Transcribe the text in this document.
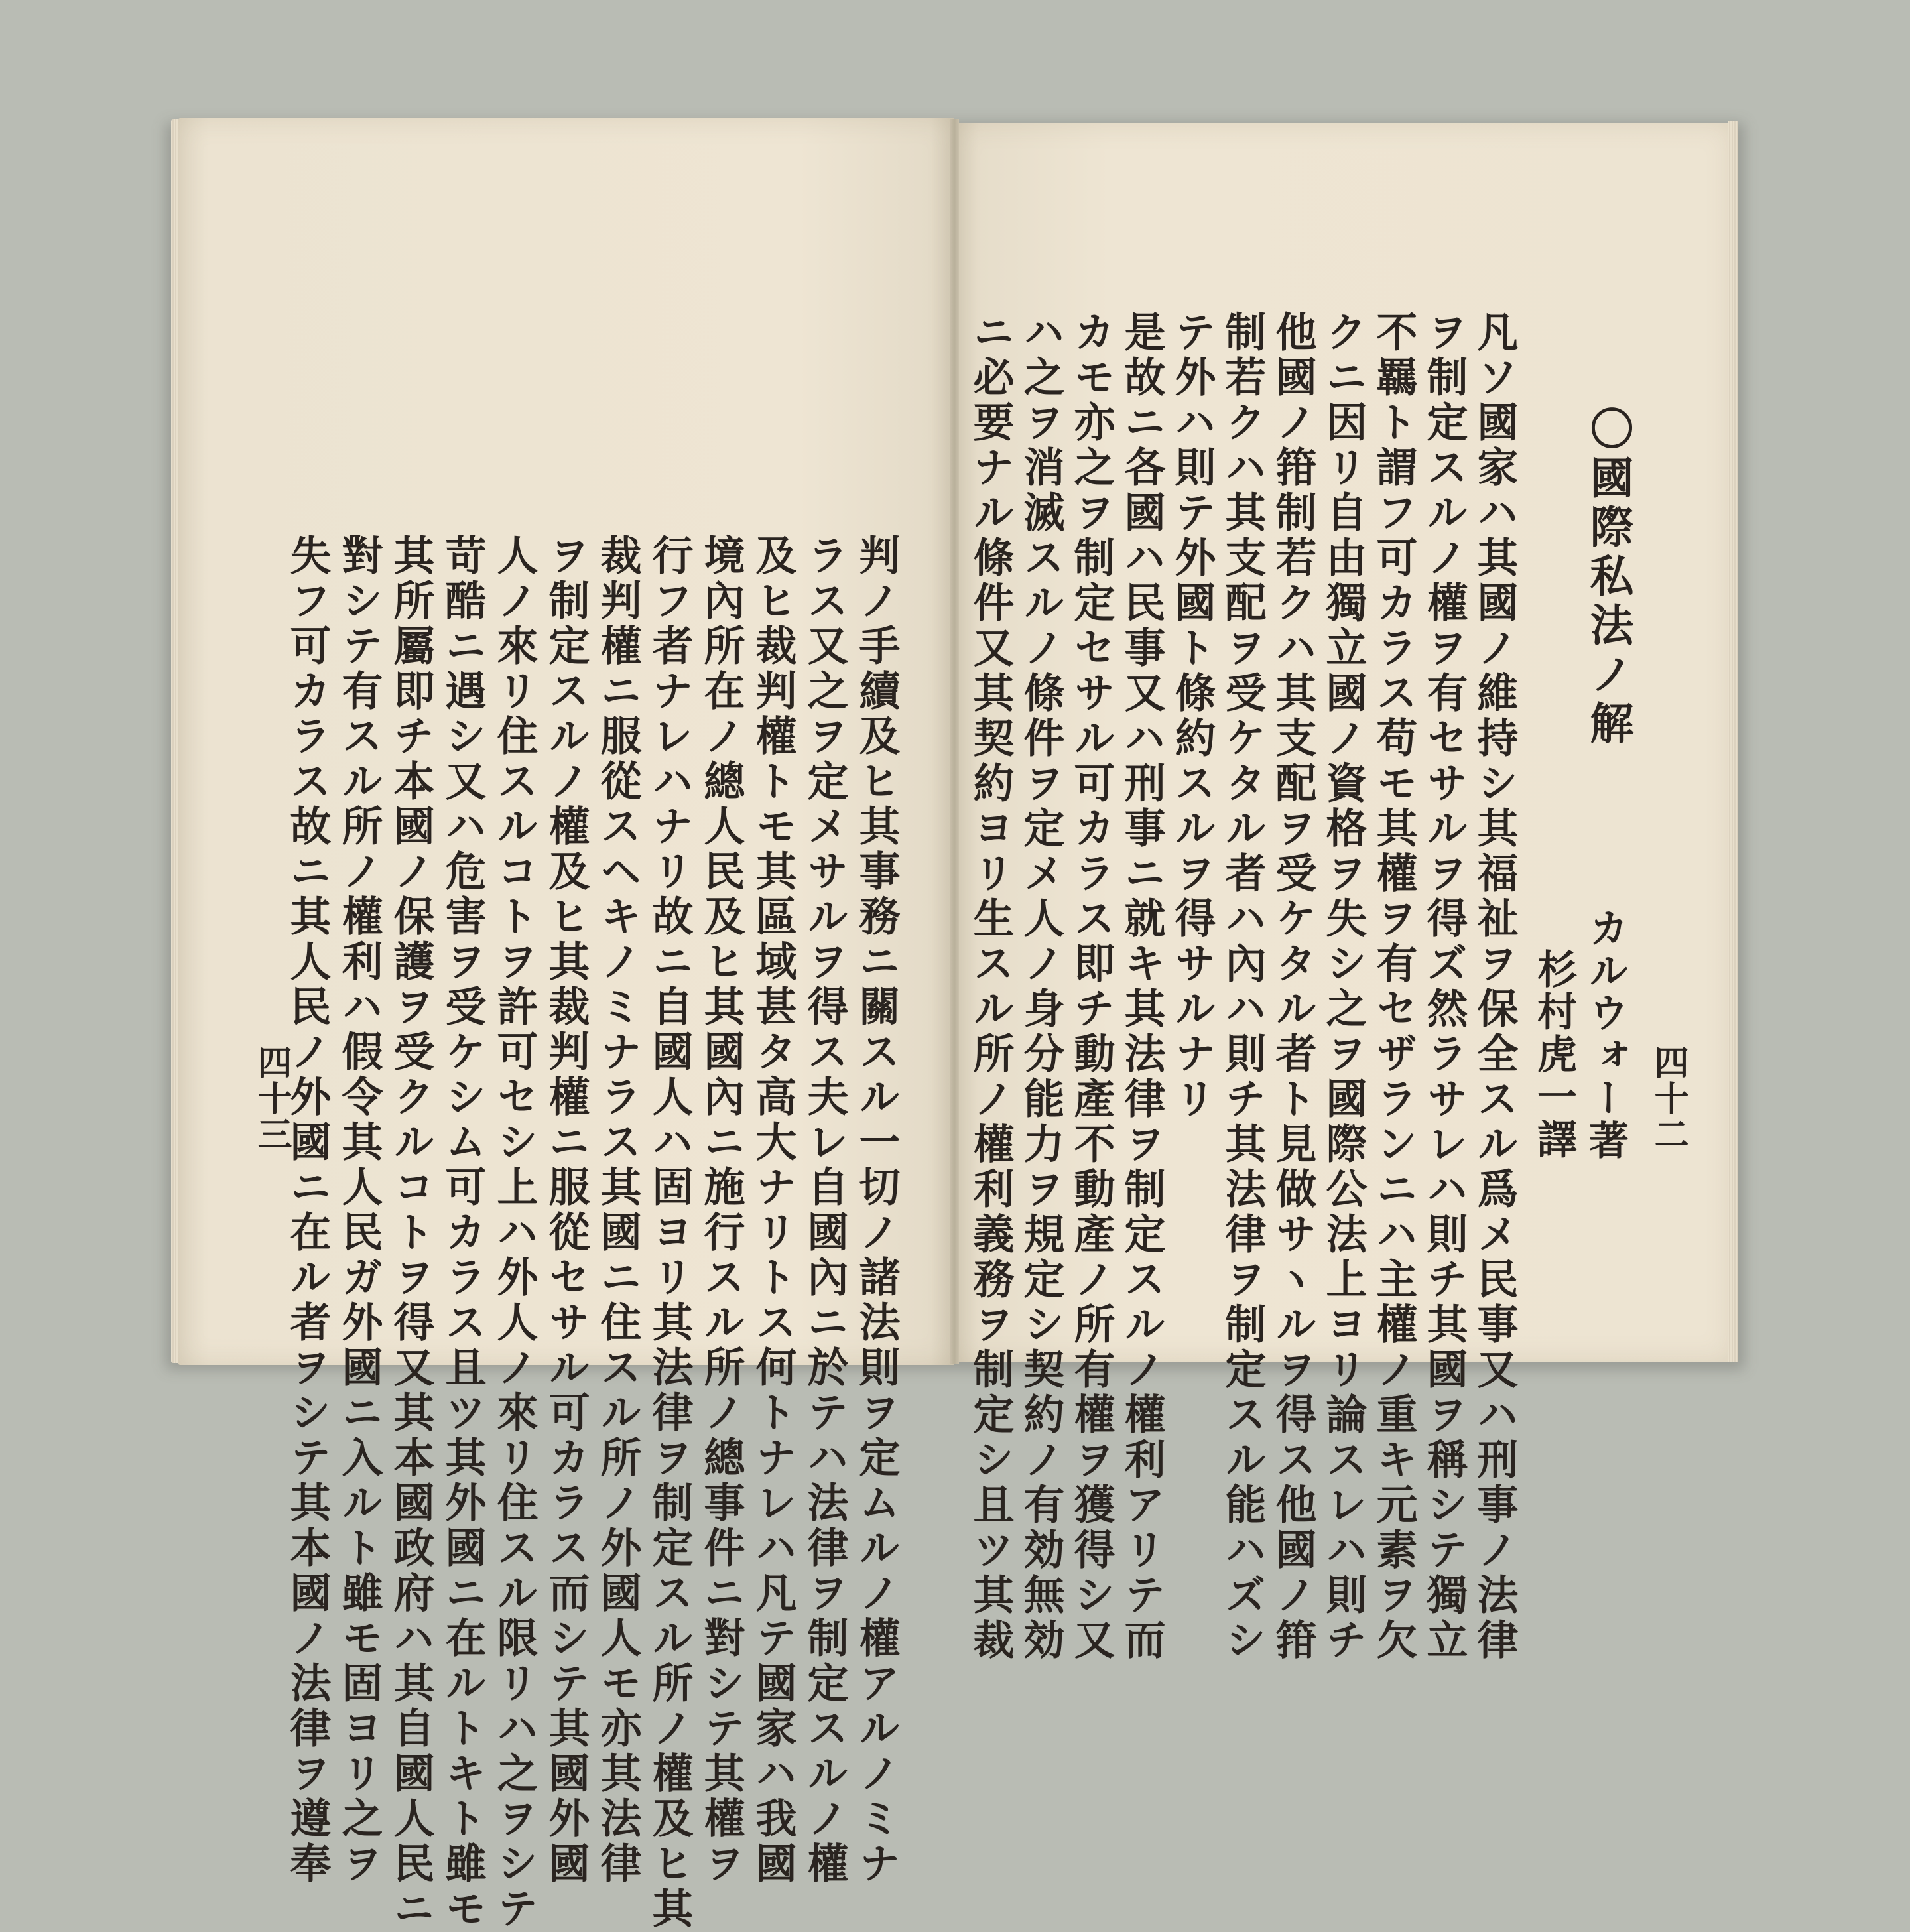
四十二
カルウォー著
杉村虎一譯
〇國際私法ノ解
凡ソ國家ハ其國ノ維持シ其福祉ヲ保全スル爲メ民事又ハ刑事ノ法律
ヲ制定スルノ權ヲ有セサルヲ得ズ然ラサレハ則チ其國ヲ稱シテ獨立
不羈ト謂フ可カラス苟モ其權ヲ有セザランニハ主權ノ重キ元素ヲ欠
クニ因リ自由獨立國ノ資格ヲ失シ之ヲ國際公法上ヨリ論スレハ則チ
他國ノ箝制若クハ其支配ヲ受ケタル者ト見做サヽルヲ得ス他國ノ箝
制若クハ其支配ヲ受ケタル者ハ內ハ則チ其法律ヲ制定スル能ハズシ
テ外ハ則テ外國ト條約スルヲ得サルナリ
是故ニ各國ハ民事又ハ刑事ニ就キ其法律ヲ制定スルノ權利アリテ而
カモ亦之ヲ制定セサル可カラス即チ動產不動產ノ所有權ヲ獲得シ又
ハ之ヲ消滅スルノ條件ヲ定メ人ノ身分能力ヲ規定シ契約ノ有効無効
判ノ手續及ヒ其事務ニ關スル一切ノ諸法則ヲ定ムルノ權アルノミナ
ラス又之ヲ定メサルヲ得ス夫レ自國內ニ於テハ法律ヲ制定スルノ權
及ヒ裁判權トモ其區域甚タ高大ナリトス何トナレハ凡テ國家ハ我國
境內所在ノ總人民及ヒ其國內ニ施行スル所ノ總事件ニ對シテ其權ヲ
行フ者ナレハナリ故ニ自國人ハ固ヨリ其法律ヲ制定スル所ノ權及ヒ其
裁判權ニ服從スヘキノミナラス其國ニ住スル所ノ外國人モ亦其法律
ヲ制定スルノ權及ヒ其裁判權ニ服從セサル可カラス而シテ其國外國
人ノ來リ住スルコトヲ許可セシ上ハ外人ノ來リ住スル限リハ之ヲシテ
苛酷ニ遇シ又ハ危害ヲ受ケシム可カラス且ツ其外國ニ在ルトキト雖モ
其所屬即チ本國ノ保護ヲ受クルコトヲ得又其本國政府ハ其自國人民ニ
對シテ有スル所ノ權利ハ假令其人民ガ外國ニ入ルト雖モ固ヨリ之ヲ
失フ可カラス故ニ其人民ノ外國ニ在ル者ヲシテ其本國ノ法律ヲ遵奉
四十三	ニ必要ナル條件又其契約ヨリ生スル所ノ權利義務ヲ制定シ且ツ其裁
